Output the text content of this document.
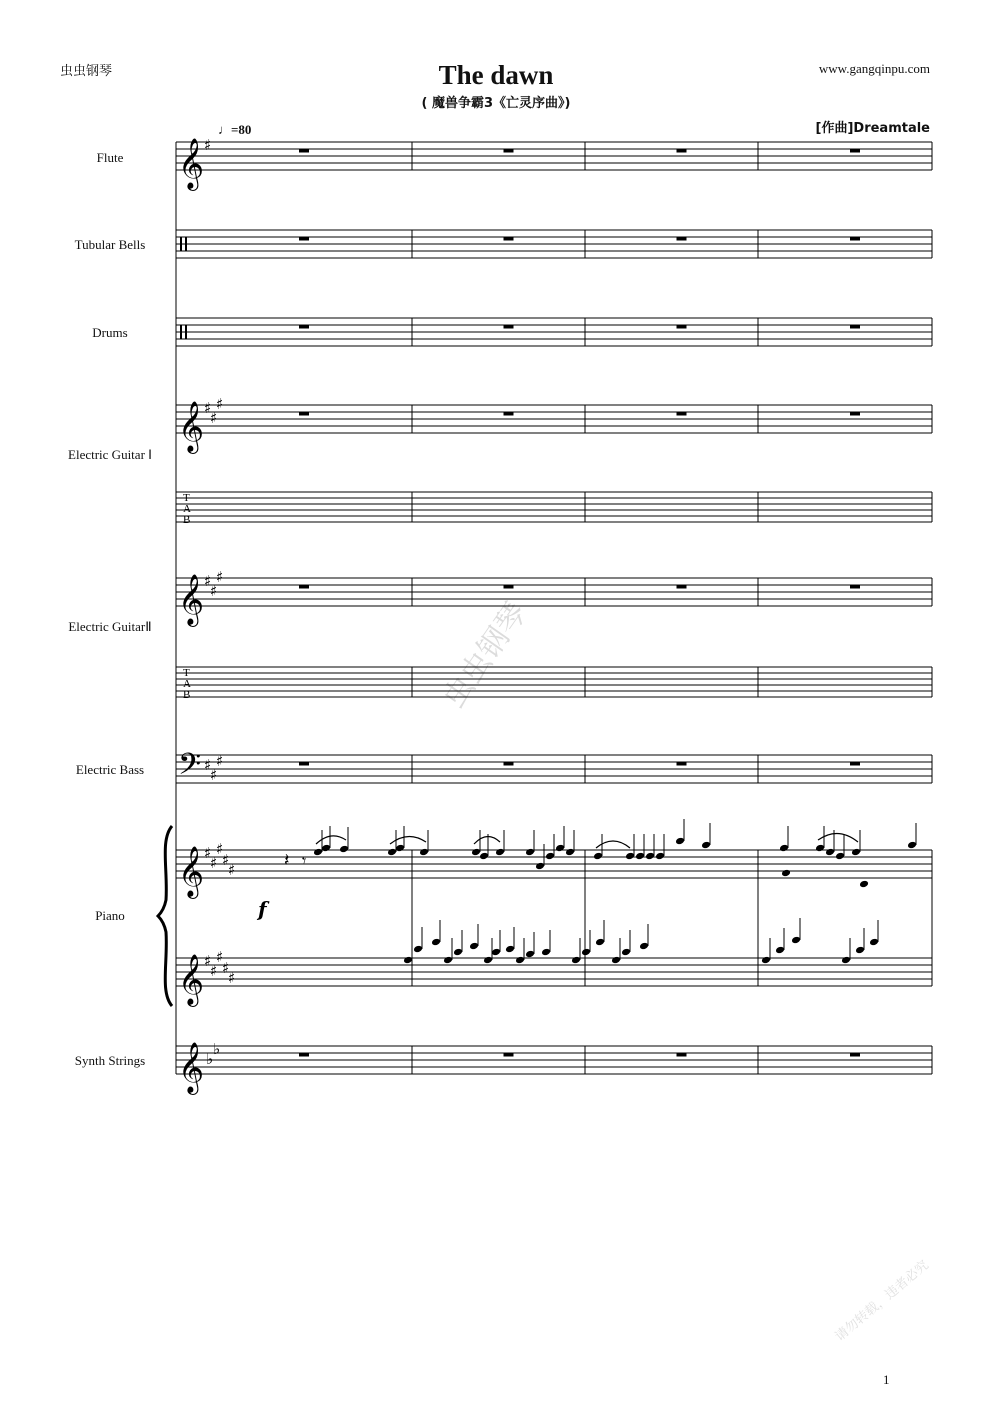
虫虫钢琴	www.gangqinpu.com
The dawn
( 魔兽争霸3《亡灵序曲》)
[作曲]Dreamtale
♩=80
Flute
Tubular Bells
Drums
Electric Guitar Ⅰ
Electric GuitarⅡ
Electric Bass
Piano
Synth Strings
虫虫钢琴
请勿转载，违者必究
1
𝄞
𝄞
𝄞
𝄞
𝄞
𝄞
𝄢
T
A
B
T
A
B
♯
♯
♯
♯
♯
♯
♯
♯
♯
♯
♯
♯
♯
♯
♯
♯
♯
♯
♯
♯
♭
♭
𝄽 𝄾
f
